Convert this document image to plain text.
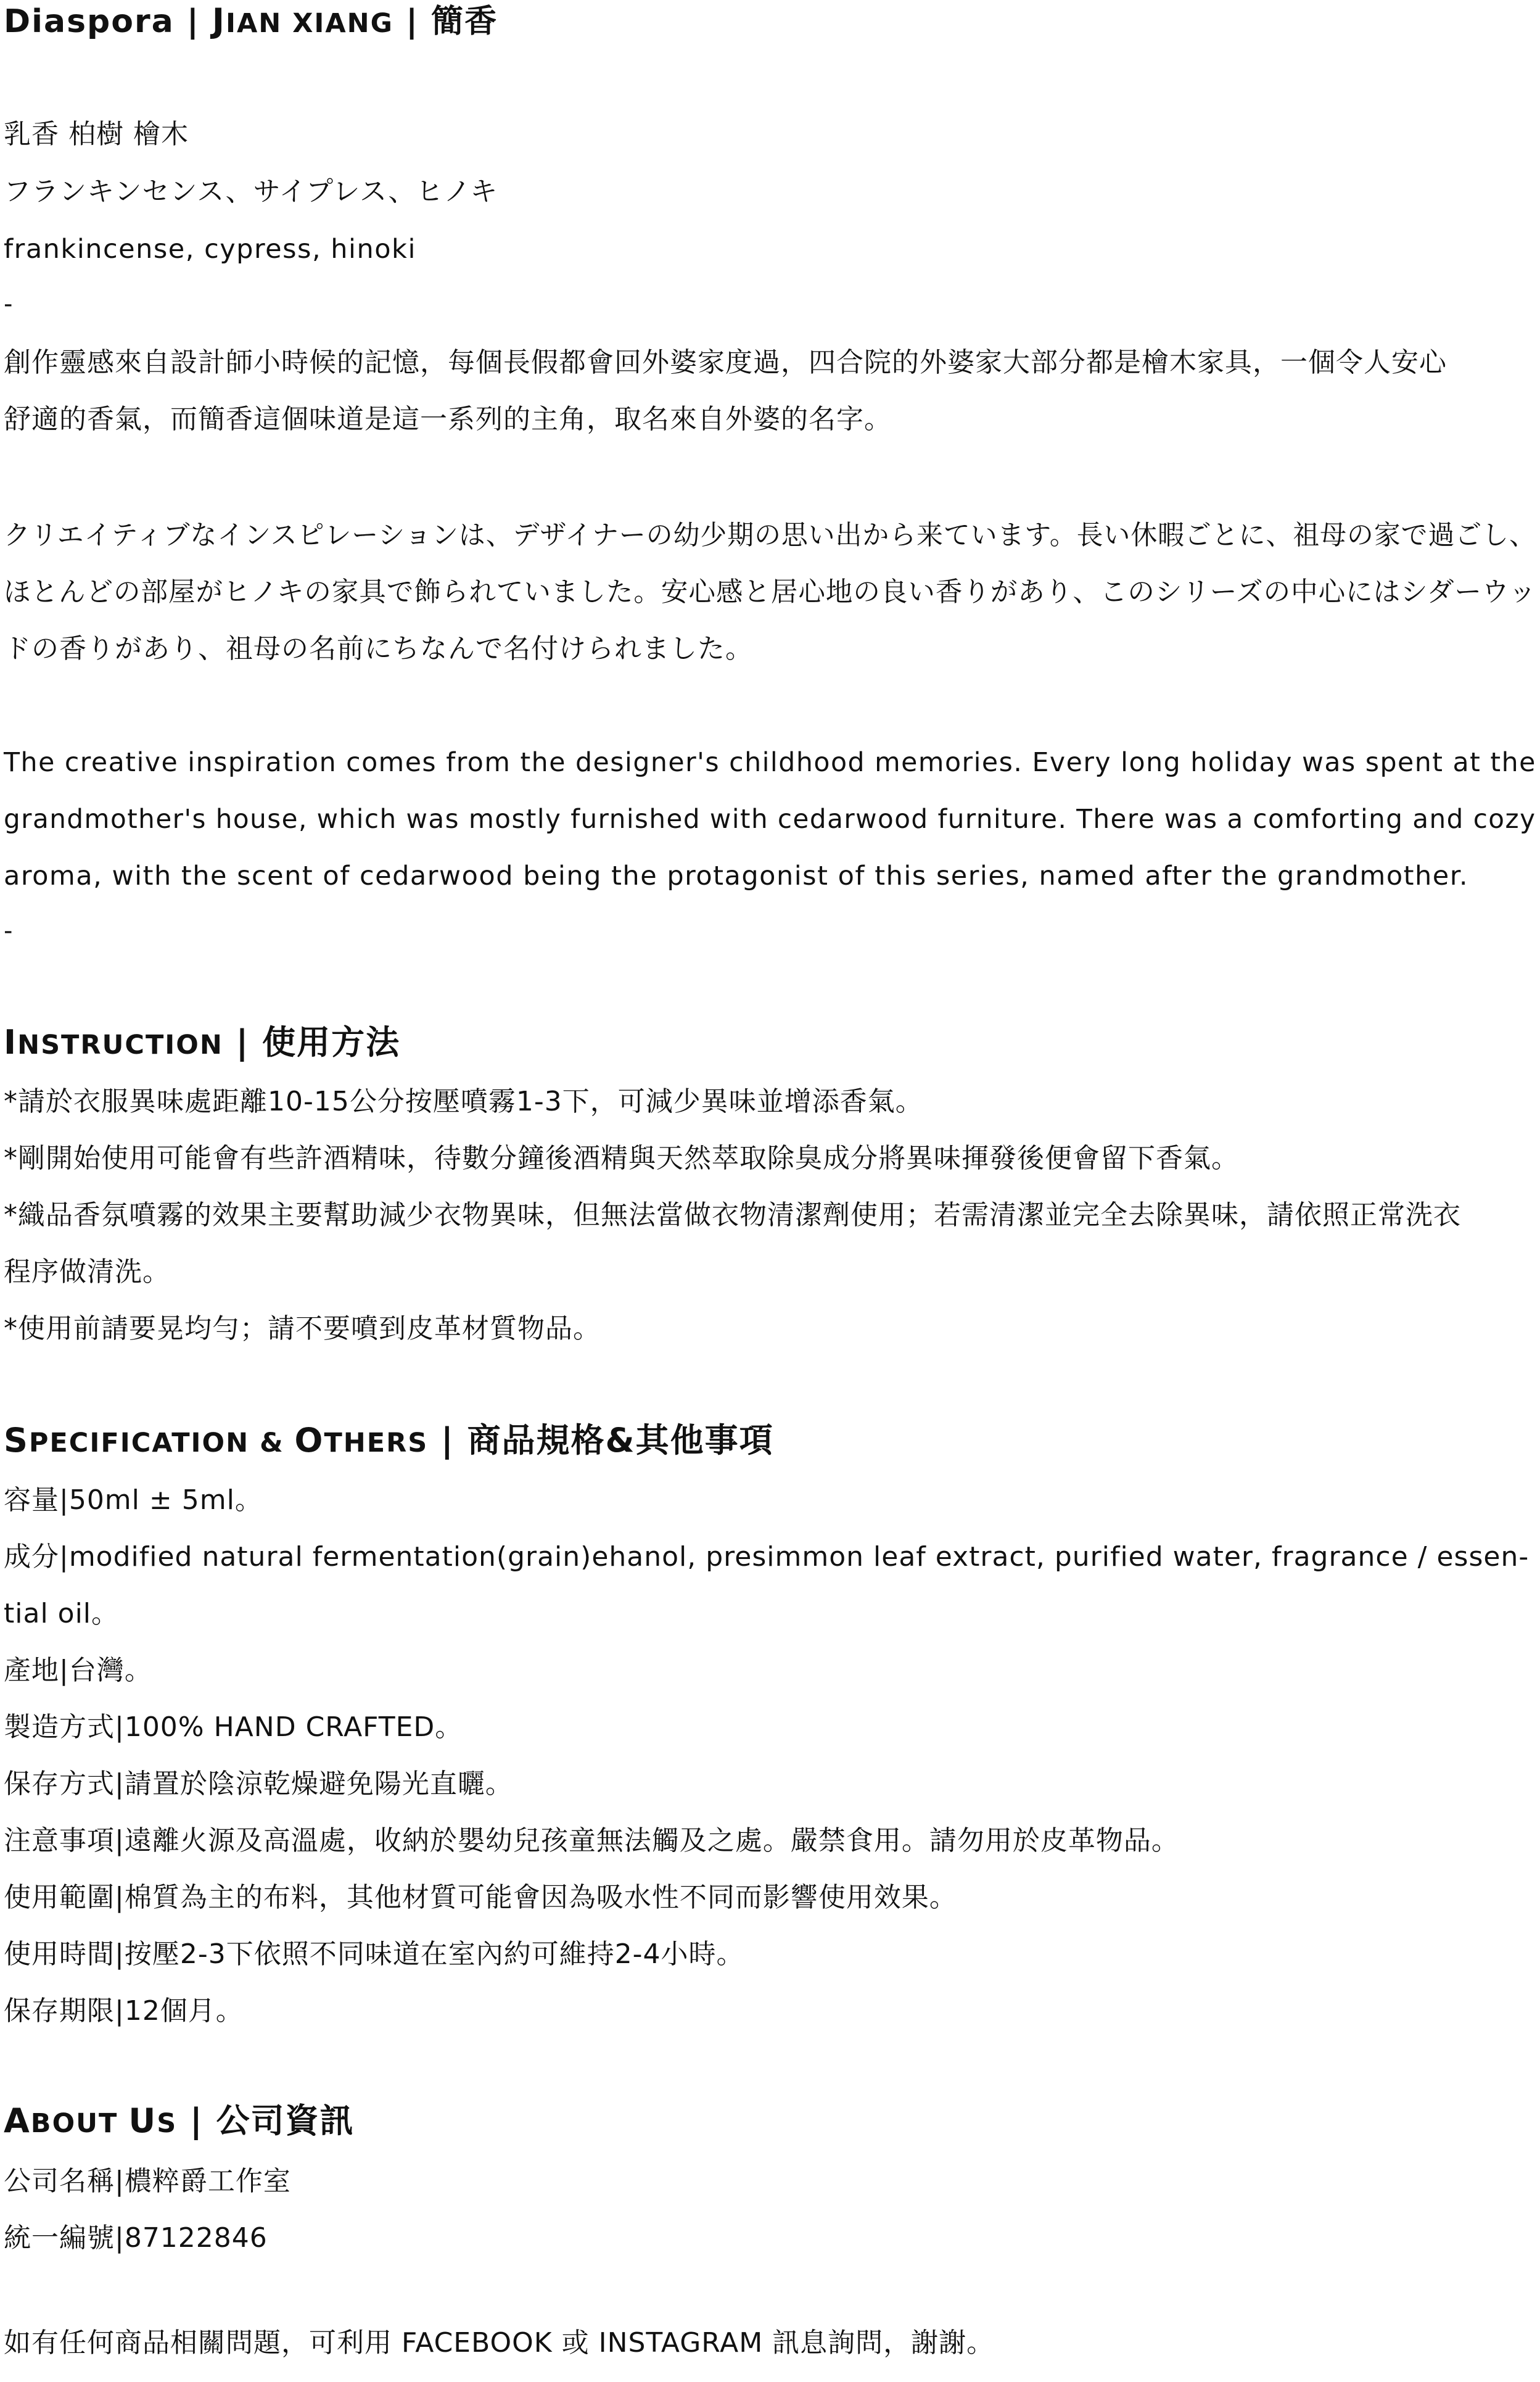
Diaspora | JIAN XIANG | 簡香

乳香 柏樹 檜木

フランキンセンス、サイプレス、ヒノキ

frankincense, cypress, hinoki

-

創作靈感來自設計師小時候的記憶，每個長假都會回外婆家度過，四合院的外婆家大部分都是檜木家具，一個令人安心

舒適的香氣，而簡香這個味道是這一系列的主角，取名來自外婆的名字。

クリエイティブなインスピレーションは、デザイナーの幼少期の思い出から来ています。長い休暇ごとに、祖母の家で過ごし、

ほとんどの部屋がヒノキの家具で飾られていました。安心感と居心地の良い香りがあり、このシリーズの中心にはシダーウッ

ドの香りがあり、祖母の名前にちなんで名付けられました。

The creative inspiration comes from the designer's childhood memories. Every long holiday was spent at the

grandmother's house, which was mostly furnished with cedarwood furniture. There was a comforting and cozy

aroma, with the scent of cedarwood being the protagonist of this series, named after the grandmother.

-

INSTRUCTION | 使用方法

*請於衣服異味處距離10-15公分按壓噴霧1-3下，可減少異味並增添香氣。

*剛開始使用可能會有些許酒精味，待數分鐘後酒精與天然萃取除臭成分將異味揮發後便會留下香氣。

*織品香氛噴霧的效果主要幫助減少衣物異味，但無法當做衣物清潔劑使用；若需清潔並完全去除異味，請依照正常洗衣

程序做清洗。

*使用前請要晃均勻；請不要噴到皮革材質物品。

SPECIFICATION & OTHERS | 商品規格&其他事項

容量|50ml ± 5ml。

成分|modified natural fermentation(grain)ehanol, presimmon leaf extract, purified water, fragrance / essen-

tial oil。

產地|台灣。

製造方式|100% HAND CRAFTED。

保存方式|請置於陰涼乾燥避免陽光直曬。

注意事項|遠離火源及高溫處，收納於嬰幼兒孩童無法觸及之處。嚴禁食用。請勿用於皮革物品。

使用範圍|棉質為主的布料，其他材質可能會因為吸水性不同而影響使用效果。

使用時間|按壓2-3下依照不同味道在室內約可維持2-4小時。

保存期限|12個月。

ABOUT US | 公司資訊

公司名稱|檂粹爵工作室

統一編號|87122846

如有任何商品相關問題，可利用 FACEBOOK 或 INSTAGRAM 訊息詢問，謝謝。
